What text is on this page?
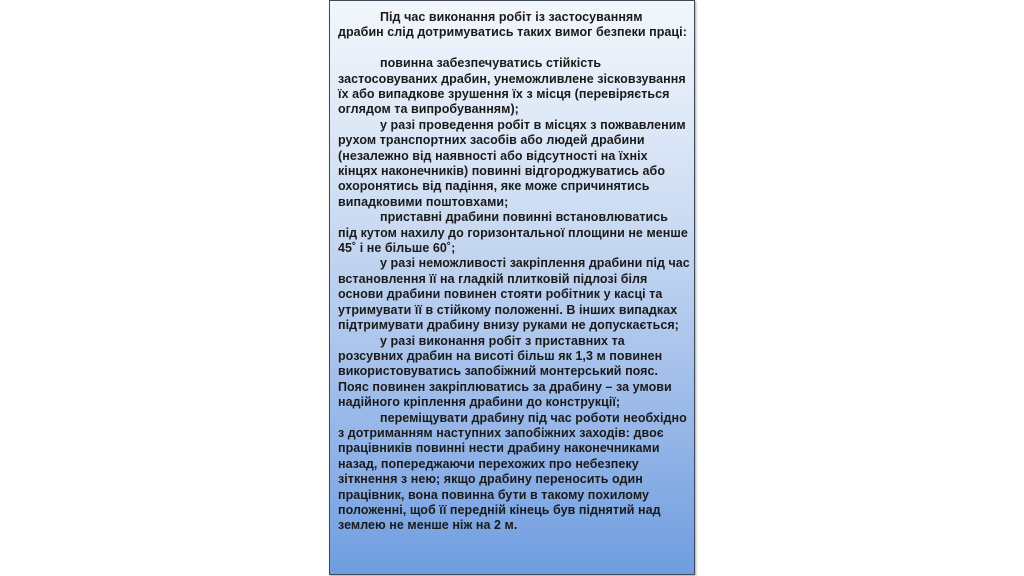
Під час виконання робіт із застосуванням драбин слід дотримуватись таких вимог безпеки праці:

повинна забезпечуватись стійкість застосовуваних драбин, унеможливлене зісковзування їх або випадкове зрушення їх з місця (перевіряється оглядом та випробуванням);

у разі проведення робіт в місцях з пожвавленим рухом транспортних засобів або людей драбини (незалежно від наявності або відсутності на їхніх кінцях наконечників) повинні відгороджуватись або охоронятись від падіння, яке може спричинятись випадковими поштовхами;

приставні драбини повинні встановлюватись під кутом нахилу до горизонтальної площини не менше 45˚ і не більше 60˚;

у разі неможливості закріплення драбини під час встановлення її на гладкій плитковій підлозі біля основи драбини повинен стояти робітник у касці та утримувати її в стійкому положенні. В інших випадках підтримувати драбину внизу руками не допускається;

у разі виконання робіт з приставних та розсувних драбин на висоті більш як 1,3 м повинен використовуватись запобіжний монтерський пояс. Пояс повинен закріплюватись за драбину – за умови надійного кріплення драбини до конструкції;

переміщувати драбину під час роботи необхідно з дотриманням наступних запобіжних заходів: двоє працівників повинні нести драбину наконечниками назад, попереджаючи перехожих про небезпеку зіткнення з нею; якщо драбину переносить один працівник, вона повинна бути в такому похилому положенні, щоб її передній кінець був піднятий над землею не менше ніж на 2 м.
